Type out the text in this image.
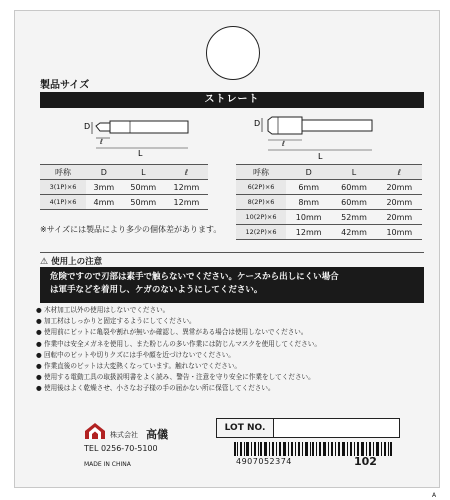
製品サイズ
ストレート
D
ℓ
L
D
ℓ
L
呼称	D	L	ℓ
3(1P)×6	3mm	50mm	12mm
4(1P)×6	4mm	50mm	12mm
呼称	D	L	ℓ
6(2P)×6	6mm	60mm	20mm
8(2P)×6	8mm	60mm	20mm
10(2P)×6	10mm	52mm	20mm
12(2P)×6	12mm	42mm	10mm
※サイズには製品により多少の個体差があります。
⚠ 使用上の注意
危険ですので刃部は素手で触らないでください。ケースから出しにくい場合
は軍手などを着用し、ケガのないようにしてください。
● 木材加工以外の使用はしないでください。
● 加工材はしっかりと固定するようにしてください。
● 使用前にビットに亀裂や割れが無いか確認し、異常がある場合は使用しないでください。
● 作業中は安全メガネを使用し、また粉じんの多い作業には防じんマスクを使用してください。
● 回転中のビットや切りクズには手や顔を近づけないでください。
● 作業直後のビットは大変熱くなっています。触れないでください。
● 使用する電動工具の取扱説明書をよく読み、警告・注意を守り安全に作業をしてください。
● 使用後はよく乾燥させ、小さなお子様の手の届かない所に保管してください。
株式会社 高儀
TEL 0256-70-5100
MADE IN CHINA
LOT NO.
4907052374	102
A
